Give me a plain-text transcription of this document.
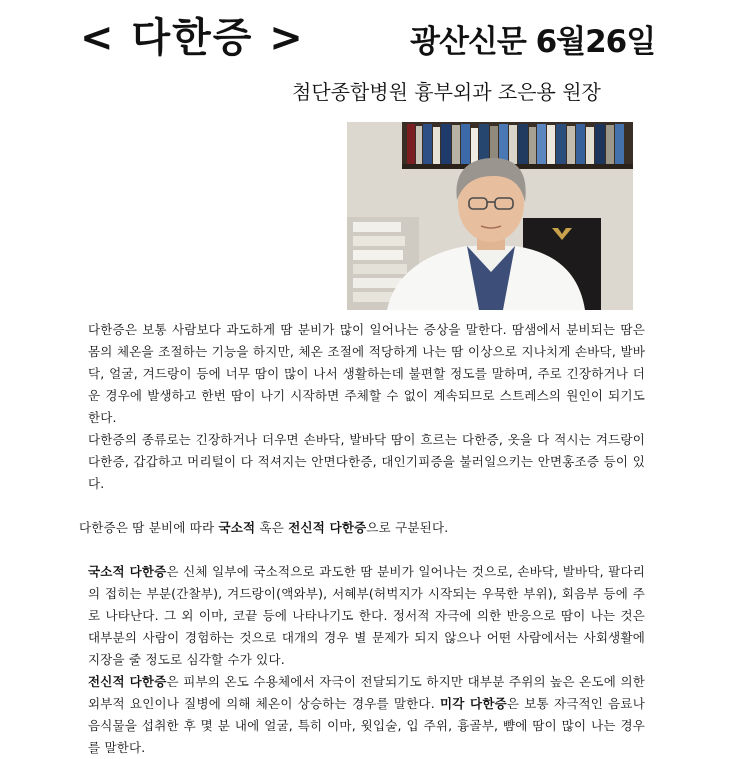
< 다한증 >	광산신문 6월26일
첨단종합병원 흉부외과 조은용 원장

다한증은 보통 사람보다 과도하게 땀 분비가 많이 일어나는 증상을 말한다. 땀샘에서 분비되는 땀은 몸의 체온을 조절하는 기능을 하지만, 체온 조절에 적당하게 나는 땀 이상으로 지나치게 손바닥, 발바닥, 얼굴, 겨드랑이 등에 너무 땀이 많이 나서 생활하는데 불편할 정도를 말하며, 주로 긴장하거나 더운 경우에 발생하고 한번 땀이 나기 시작하면 주체할 수 없이 계속되므로 스트레스의 원인이 되기도 한다.

다한증의 종류로는 긴장하거나 더우면 손바닥, 발바닥 땀이 흐르는 다한증, 옷을 다 적시는 겨드랑이 다한증, 갑갑하고 머리털이 다 적셔지는 안면다한증, 대인기피증을 불러일으키는 안면홍조증 등이 있다.

다한증은 땀 분비에 따라 국소적 혹은 전신적 다한증으로 구분된다.

국소적 다한증은 신체 일부에 국소적으로 과도한 땀 분비가 일어나는 것으로, 손바닥, 발바닥, 팔다리의 접히는 부분(간찰부), 겨드랑이(액와부), 서혜부(허벅지가 시작되는 우묵한 부위), 회음부 등에 주로 나타난다. 그 외 이마, 코끝 등에 나타나기도 한다. 정서적 자극에 의한 반응으로 땀이 나는 것은 대부분의 사람이 경험하는 것으로 대개의 경우 별 문제가 되지 않으나 어떤 사람에서는 사회생활에 지장을 줄 정도로 심각할 수가 있다.

전신적 다한증은 피부의 온도 수용체에서 자극이 전달되기도 하지만 대부분 주위의 높은 온도에 의한 외부적 요인이나 질병에 의해 체온이 상승하는 경우를 말한다. 미각 다한증은 보통 자극적인 음료나 음식물을 섭취한 후 몇 분 내에 얼굴, 특히 이마, 윗입술, 입 주위, 흉골부, 뺨에 땀이 많이 나는 경우를 말한다.
